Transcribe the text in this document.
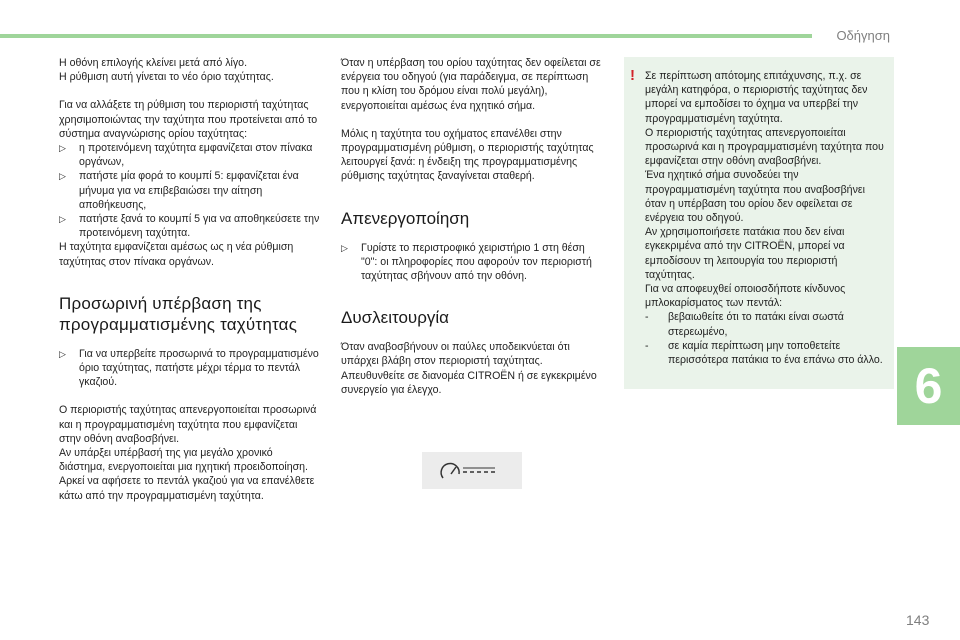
Οδήγηση

Η οθόνη επιλογής κλείνει μετά από λίγο.

Η ρύθμιση αυτή γίνεται το νέο όριο ταχύτητας.

Για να αλλάξετε τη ρύθμιση του περιοριστή ταχύτητας χρησιμοποιώντας την ταχύτητα που προτείνεται από το σύστημα αναγνώρισης ορίου ταχύτητας:

▷ η προτεινόμενη ταχύτητα εμφανίζεται στον πίνακα οργάνων,
▷ πατήστε μία φορά το κουμπί 5: εμφανίζεται ένα μήνυμα για να επιβεβαιώσει την αίτηση αποθήκευσης,
▷ πατήστε ξανά το κουμπί 5 για να αποθηκεύσετε την προτεινόμενη ταχύτητα.

Η ταχύτητα εμφανίζεται αμέσως ως η νέα ρύθμιση ταχύτητας στον πίνακα οργάνων.

Προσωρινή υπέρβαση της
προγραμματισμένης ταχύτητας
▷ Για να υπερβείτε προσωρινά το προγραμματισμένο όριο ταχύτητας, πατήστε μέχρι τέρμα το πεντάλ γκαζιού.

Ο περιοριστής ταχύτητας απενεργοποιείται προσωρινά και η προγραμματισμένη ταχύτητα που εμφανίζεται στην οθόνη αναβοσβήνει.

Αν υπάρξει υπέρβασή της για μεγάλο χρονικό διάστημα, ενεργοποιείται μια ηχητική προειδοποίηση.

Αρκεί να αφήσετε το πεντάλ γκαζιού για να επανέλθετε κάτω από την προγραμματισμένη ταχύτητα.

Όταν η υπέρβαση του ορίου ταχύτητας δεν οφείλεται σε ενέργεια του οδηγού (για παράδειγμα, σε περίπτωση που η κλίση του δρόμου είναι πολύ μεγάλη), ενεργοποιείται αμέσως ένα ηχητικό σήμα.

Μόλις η ταχύτητα του οχήματος επανέλθει στην προγραμματισμένη ρύθμιση, ο περιοριστής ταχύτητας λειτουργεί ξανά: η ένδειξη της προγραμματισμένης ρύθμισης ταχύτητας ξαναγίνεται σταθερή.

Απενεργοποίηση
▷ Γυρίστε το περιστροφικό χειριστήριο 1 στη θέση "0": οι πληροφορίες που αφορούν τον περιοριστή ταχύτητας σβήνουν από την οθόνη.
Δυσλειτουργία

Όταν αναβοσβήνουν οι παύλες υποδεικνύεται ότι υπάρχει βλάβη στον περιοριστή ταχύτητας. Απευθυνθείτε σε διανομέα CITROËN ή σε εγκεκριμένο συνεργείο για έλεγχο.

! Σε περίπτωση απότομης επιτάχυνσης, π.χ. σε μεγάλη κατηφόρα, ο περιοριστής ταχύτητας δεν μπορεί να εμποδίσει το όχημα να υπερβεί την προγραμματισμένη ταχύτητα.

Ο περιοριστής ταχύτητας απενεργοποιείται προσωρινά και η προγραμματισμένη ταχύτητα που εμφανίζεται στην οθόνη αναβοσβήνει.

Ένα ηχητικό σήμα συνοδεύει την προγραμματισμένη ταχύτητα που αναβοσβήνει όταν η υπέρβαση του ορίου δεν οφείλεται σε ενέργεια του οδηγού.

Αν χρησιμοποιήσετε πατάκια που δεν είναι εγκεκριμένα από την CITROËN, μπορεί να εμποδίσουν τη λειτουργία του περιοριστή ταχύτητας.

Για να αποφευχθεί οποιοσδήποτε κίνδυνος μπλοκαρίσματος των πεντάλ:

- βεβαιωθείτε ότι το πατάκι είναι σωστά στερεωμένο,
- σε καμία περίπτωση μην τοποθετείτε περισσότερα πατάκια το ένα επάνω στο άλλο. 6
143
